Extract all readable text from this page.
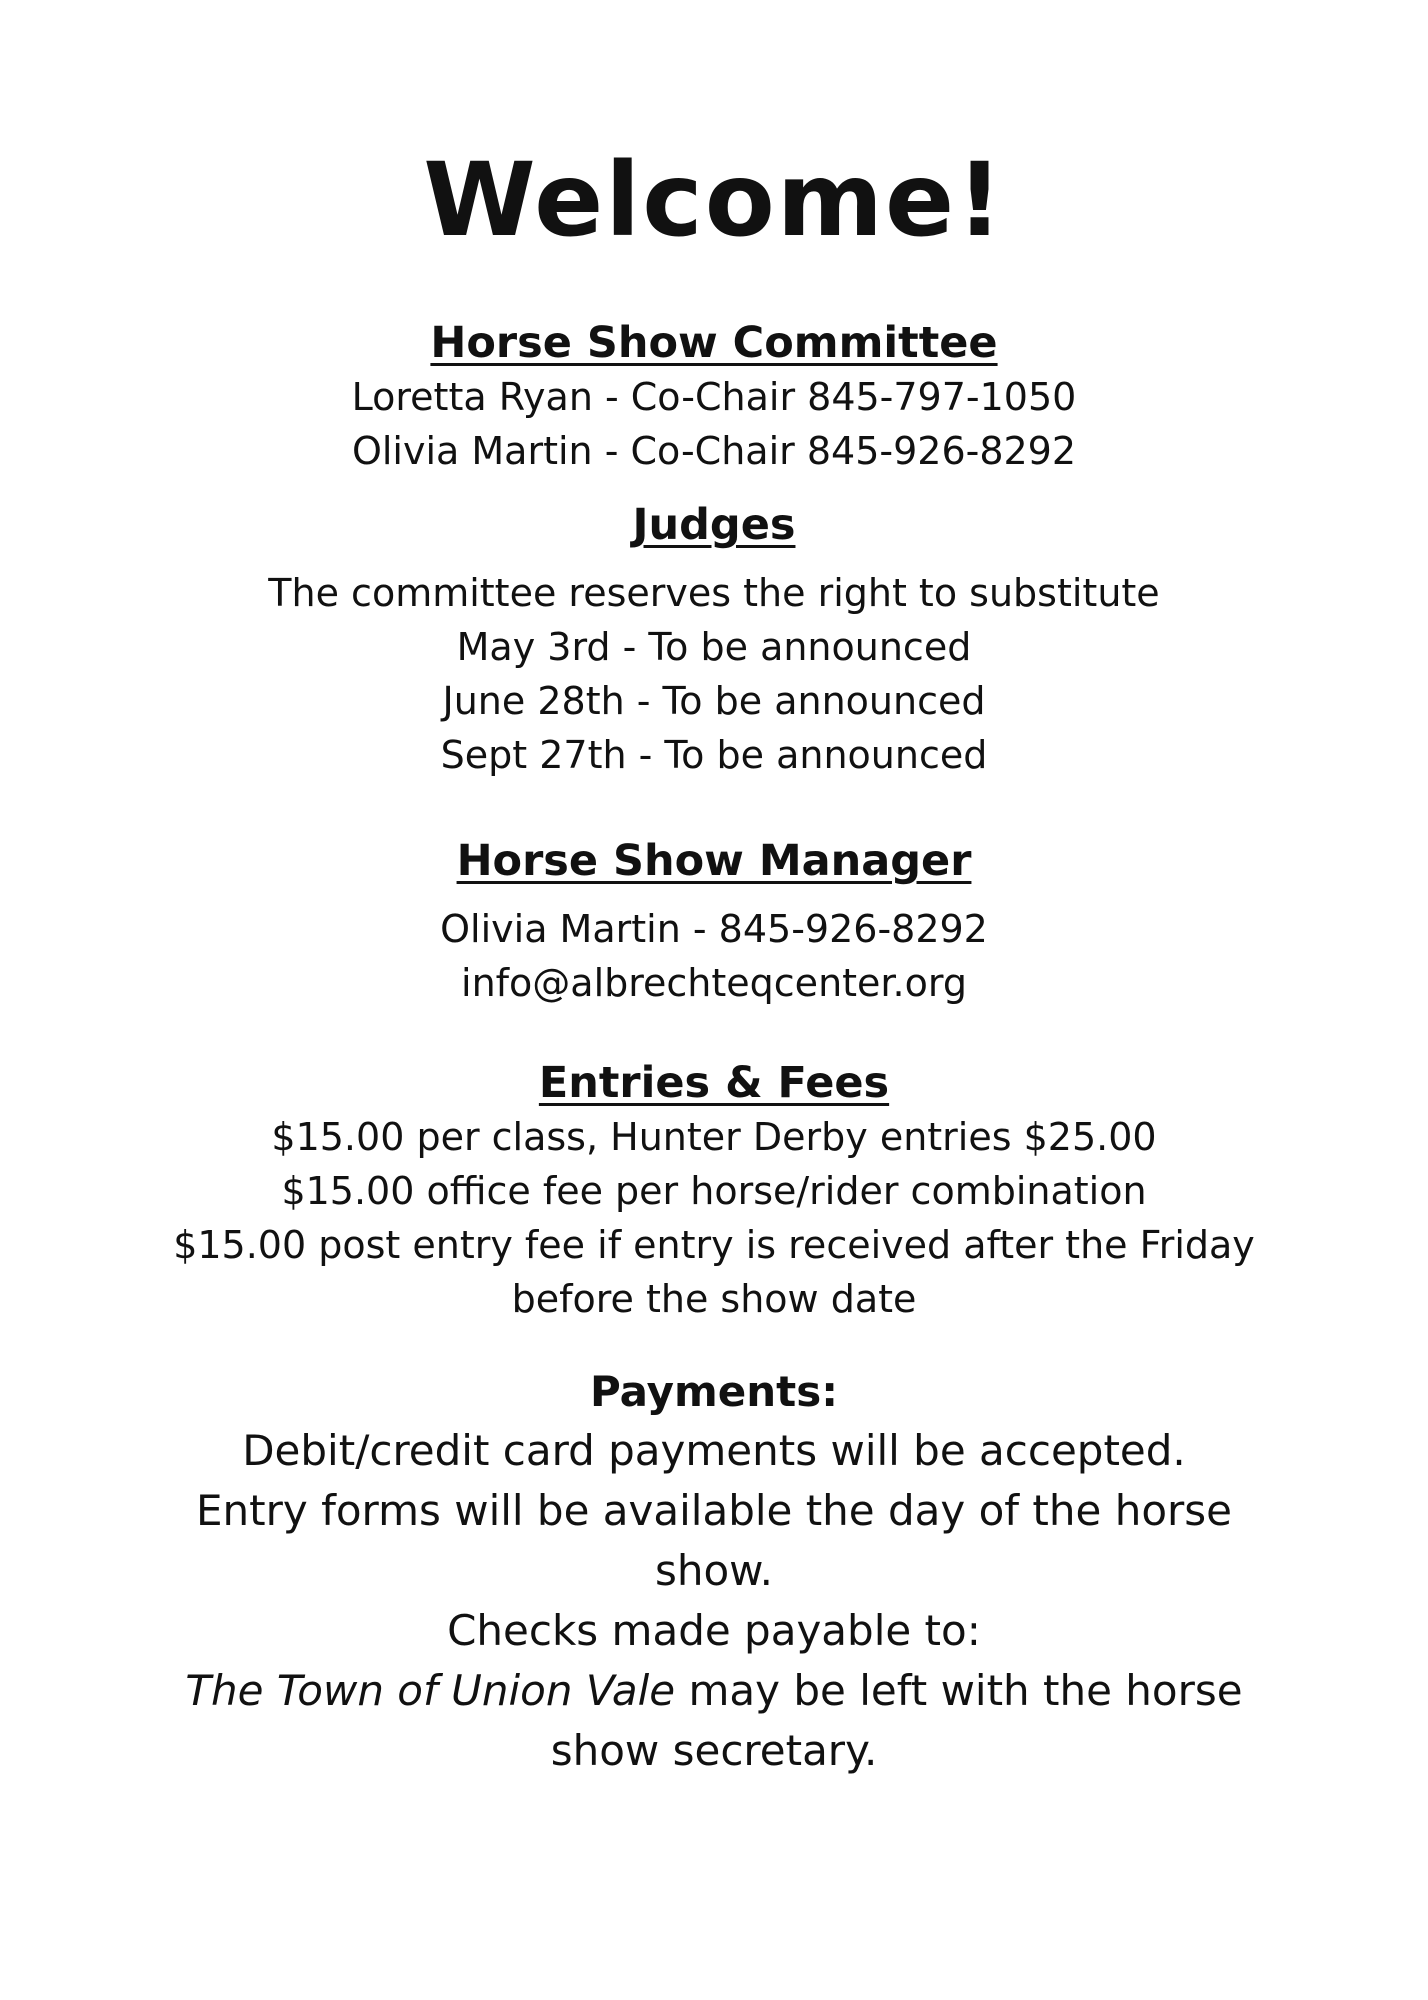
Welcome!
Horse Show Committee
Loretta Ryan - Co-Chair 845-797-1050
Olivia Martin - Co-Chair 845-926-8292
Judges
The committee reserves the right to substitute
May 3rd - To be announced
June 28th - To be announced
Sept 27th - To be announced
Horse Show Manager
Olivia Martin - 845-926-8292
info@albrechteqcenter.org
Entries & Fees
$15.00 per class, Hunter Derby entries $25.00
$15.00 office fee per horse/rider combination
$15.00 post entry fee if entry is received after the Friday
before the show date
Payments:
Debit/credit card payments will be accepted.
Entry forms will be available the day of the horse
show.
Checks made payable to:
The Town of Union Vale may be left with the horse
show secretary.
